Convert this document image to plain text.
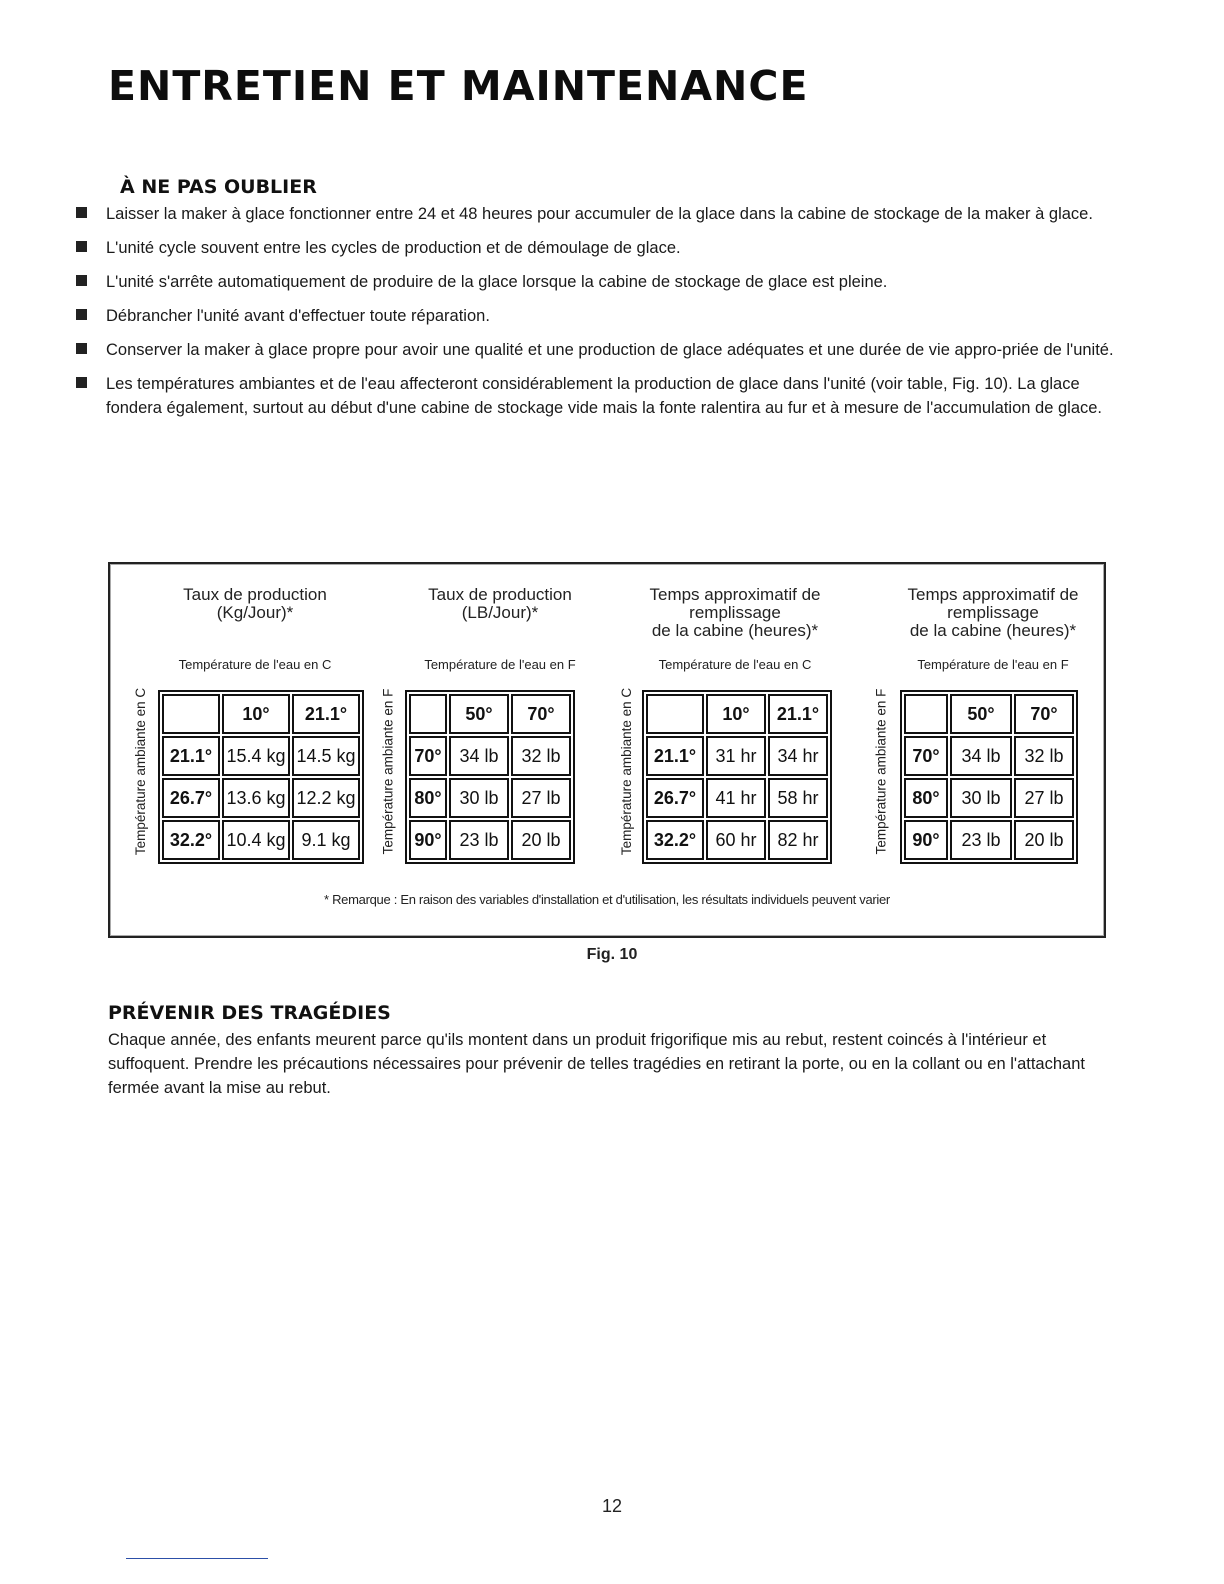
ENTRETIEN ET MAINTENANCE
À NE PAS OUBLIER
Laisser la maker à glace fonctionner entre 24 et 48 heures pour accumuler de la glace dans la cabine de stockage de la maker à glace.
L'unité cycle souvent entre les cycles de production et de démoulage de glace.
L'unité s'arrête automatiquement de produire de la glace lorsque la cabine de stockage de glace est pleine.
Débrancher l'unité avant d'effectuer toute réparation.
Conserver la maker à glace propre pour avoir une qualité et une production de glace adéquates et une durée de vie appro-priée de l'unité.
Les températures ambiantes et de l'eau affecteront considérablement la production de glace dans l'unité (voir table, Fig. 10). La glace fondera également, surtout au début d'une cabine de stockage vide mais la fonte ralentira au fur et à mesure de l'accumulation de glace.
Taux de production
(Kg/Jour)*
Température de l'eau en C
Température ambiante en C
		10°	21.1°
21.1°	15.4 kg	14.5 kg
26.7°	13.6 kg	12.2 kg
32.2°	10.4 kg	9.1 kg
Taux de production
(LB/Jour)*
Température de l'eau en F
Température ambiante en F
		50°	70°
70°	34 lb	32 lb
80°	30 lb	27 lb
90°	23 lb	20 lb
Temps approximatif de
remplissage
de la cabine (heures)*
Température de l'eau en C
Température ambiante en C
		10°	21.1°
21.1°	31 hr	34 hr
26.7°	41 hr	58 hr
32.2°	60 hr	82 hr
Temps approximatif de
remplissage
de la cabine (heures)*
Température de l'eau en F
Température ambiante en F
		50°	70°
70°	34 lb	32 lb
80°	30 lb	27 lb
90°	23 lb	20 lb
* Remarque : En raison des variables d'installation et d'utilisation, les résultats individuels peuvent varier
Fig. 10
PRÉVENIR DES TRAGÉDIES

Chaque année, des enfants meurent parce qu'ils montent dans un produit frigorifique mis au rebut, restent coincés à l'intérieur et suffoquent. Prendre les précautions nécessaires pour prévenir de telles tragédies en retirant la porte, ou en la collant ou en l'attachant fermée avant la mise au rebut.

12
